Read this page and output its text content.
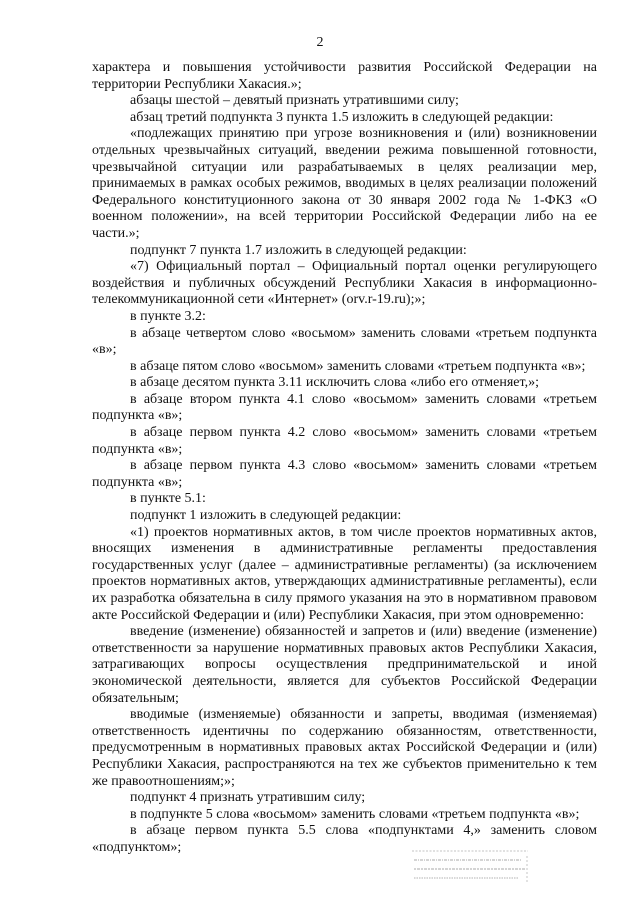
2

характера и повышения устойчивости развития Российской Федерации на территории Республики Хакасия.»;

абзацы шестой – девятый признать утратившими силу;

абзац третий подпункта 3 пункта 1.5 изложить в следующей редакции:

«подлежащих принятию при угрозе возникновения и (или) возникновении отдельных чрезвычайных ситуаций, введении режима повышенной готовности, чрезвычайной ситуации или разрабатываемых в целях реализации мер, принимаемых в рамках особых режимов, вводимых в целях реализации положений Федерального конституционного закона от 30 января 2002 года № 1-ФКЗ «О военном положении», на всей территории Российской Федерации либо на ее части.»;

подпункт 7 пункта 1.7 изложить в следующей редакции:

«7) Официальный портал – Официальный портал оценки регулирующего воздействия и публичных обсуждений Республики Хакасия в информационно-телекоммуникационной сети «Интернет» (orv.r-19.ru);»;

в пункте 3.2:

в абзаце четвертом слово «восьмом» заменить словами «третьем подпункта «в»;

в абзаце пятом слово «восьмом» заменить словами «третьем подпункта «в»;

в абзаце десятом пункта 3.11 исключить слова «либо его отменяет,»;

в абзаце втором пункта 4.1 слово «восьмом» заменить словами «третьем подпункта «в»;

в абзаце первом пункта 4.2 слово «восьмом» заменить словами «третьем подпункта «в»;

в абзаце первом пункта 4.3 слово «восьмом» заменить словами «третьем подпункта «в»;

в пункте 5.1:

подпункт 1 изложить в следующей редакции:

«1) проектов нормативных актов, в том числе проектов нормативных актов, вносящих изменения в административные регламенты предоставления государственных услуг (далее – административные регламенты) (за исключением проектов нормативных актов, утверждающих административные регламенты), если их разработка обязательна в силу прямого указания на это в нормативном правовом акте Российской Федерации и (или) Республики Хакасия, при этом одновременно:

введение (изменение) обязанностей и запретов и (или) введение (изменение) ответственности за нарушение нормативных правовых актов Республики Хакасия, затрагивающих вопросы осуществления предпринимательской и иной экономической деятельности, является для субъектов Российской Федерации обязательным;

вводимые (изменяемые) обязанности и запреты, вводимая (изменяемая) ответственность идентичны по содержанию обязанностям, ответственности, предусмотренным в нормативных правовых актах Российской Федерации и (или) Республики Хакасия, распространяются на тех же субъектов применительно к тем же правоотношениям;»;

подпункт 4 признать утратившим силу;

в подпункте 5 слова «восьмом» заменить словами «третьем подпункта «в»;

в абзаце первом пункта 5.5 слова «подпунктами 4,» заменить словом «подпунктом»;
